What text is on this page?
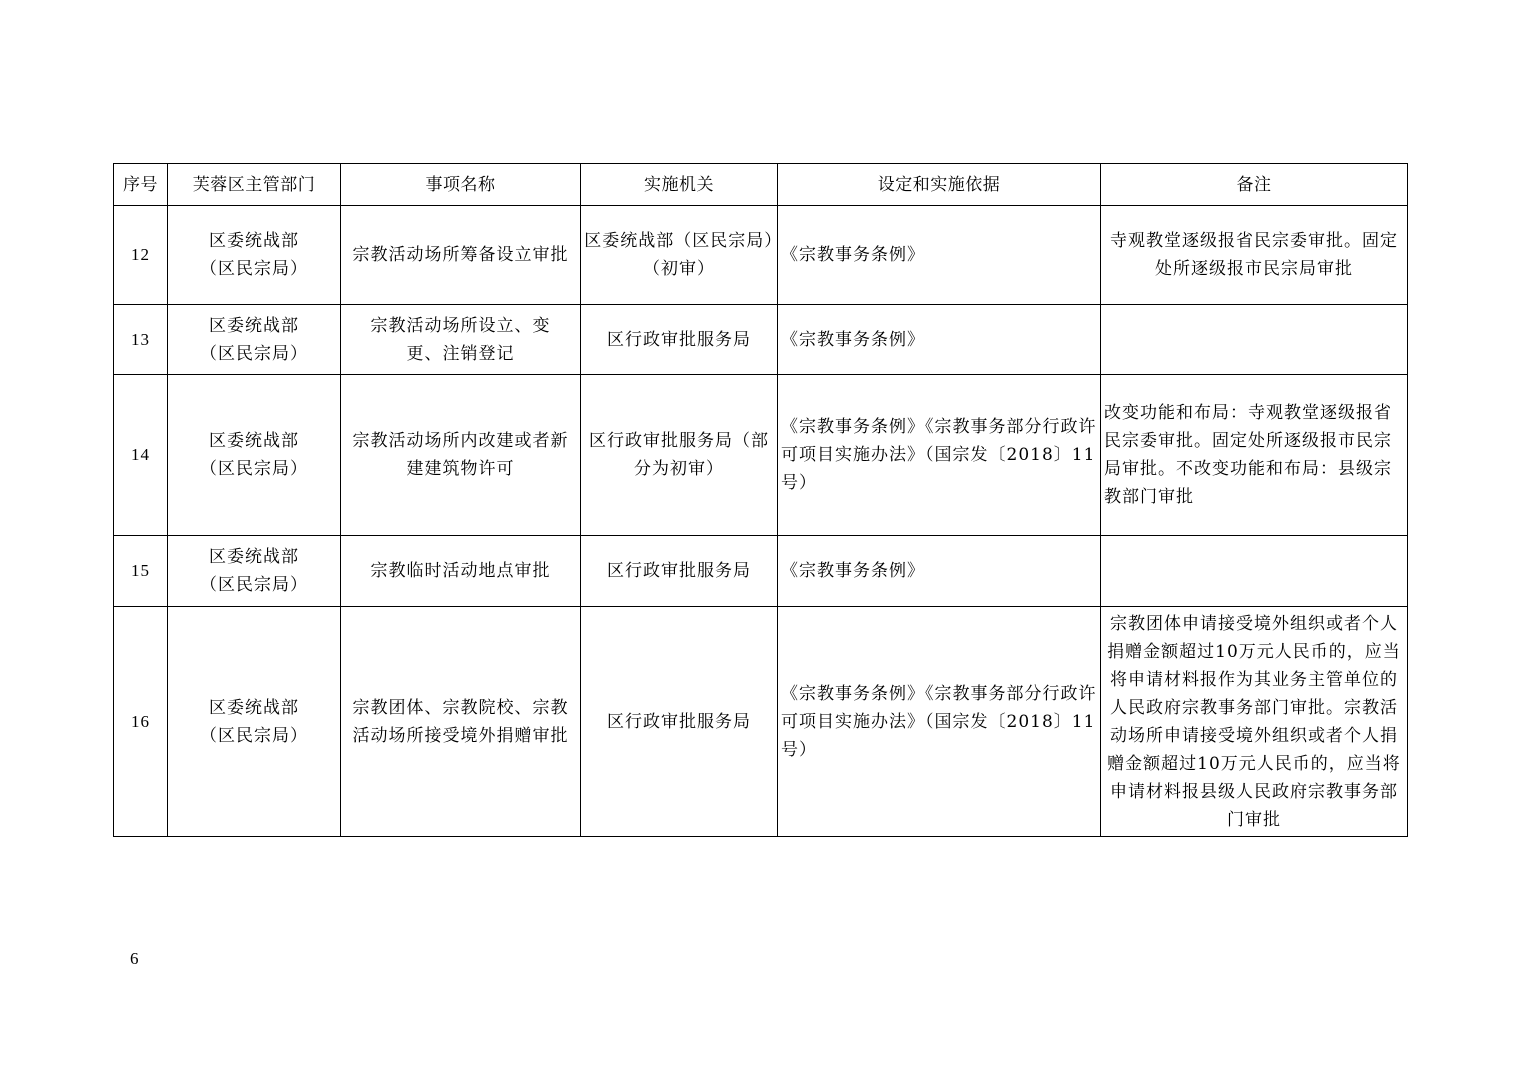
序号	芙蓉区主管部门	事项名称	实施机关	设定和实施依据	备注
12	区委统战部（区民宗局）	宗教活动场所筹备设立审批	区委统战部（区民宗局）（初审）	《宗教事务条例》	寺观教堂逐级报省民宗委审批。固定处所逐级报市民宗局审批
13	区委统战部（区民宗局）	宗教活动场所设立、变更、注销登记	区行政审批服务局	《宗教事务条例》	
14	区委统战部（区民宗局）	宗教活动场所内改建或者新建建筑物许可	区行政审批服务局（部分为初审）	《宗教事务条例》《宗教事务部分行政许可项目实施办法》（国宗发〔2018〕11号）	改变功能和布局：寺观教堂逐级报省民宗委审批。固定处所逐级报市民宗局审批。不改变功能和布局：县级宗教部门审批
15	区委统战部（区民宗局）	宗教临时活动地点审批	区行政审批服务局	《宗教事务条例》	
16	区委统战部（区民宗局）	宗教团体、宗教院校、宗教活动场所接受境外捐赠审批	区行政审批服务局	《宗教事务条例》《宗教事务部分行政许可项目实施办法》（国宗发〔2018〕11号）	宗教团体申请接受境外组织或者个人捐赠金额超过10万元人民币的，应当将申请材料报作为其业务主管单位的人民政府宗教事务部门审批。宗教活动场所申请接受境外组织或者个人捐赠金额超过10万元人民币的，应当将申请材料报县级人民政府宗教事务部门审批
6
